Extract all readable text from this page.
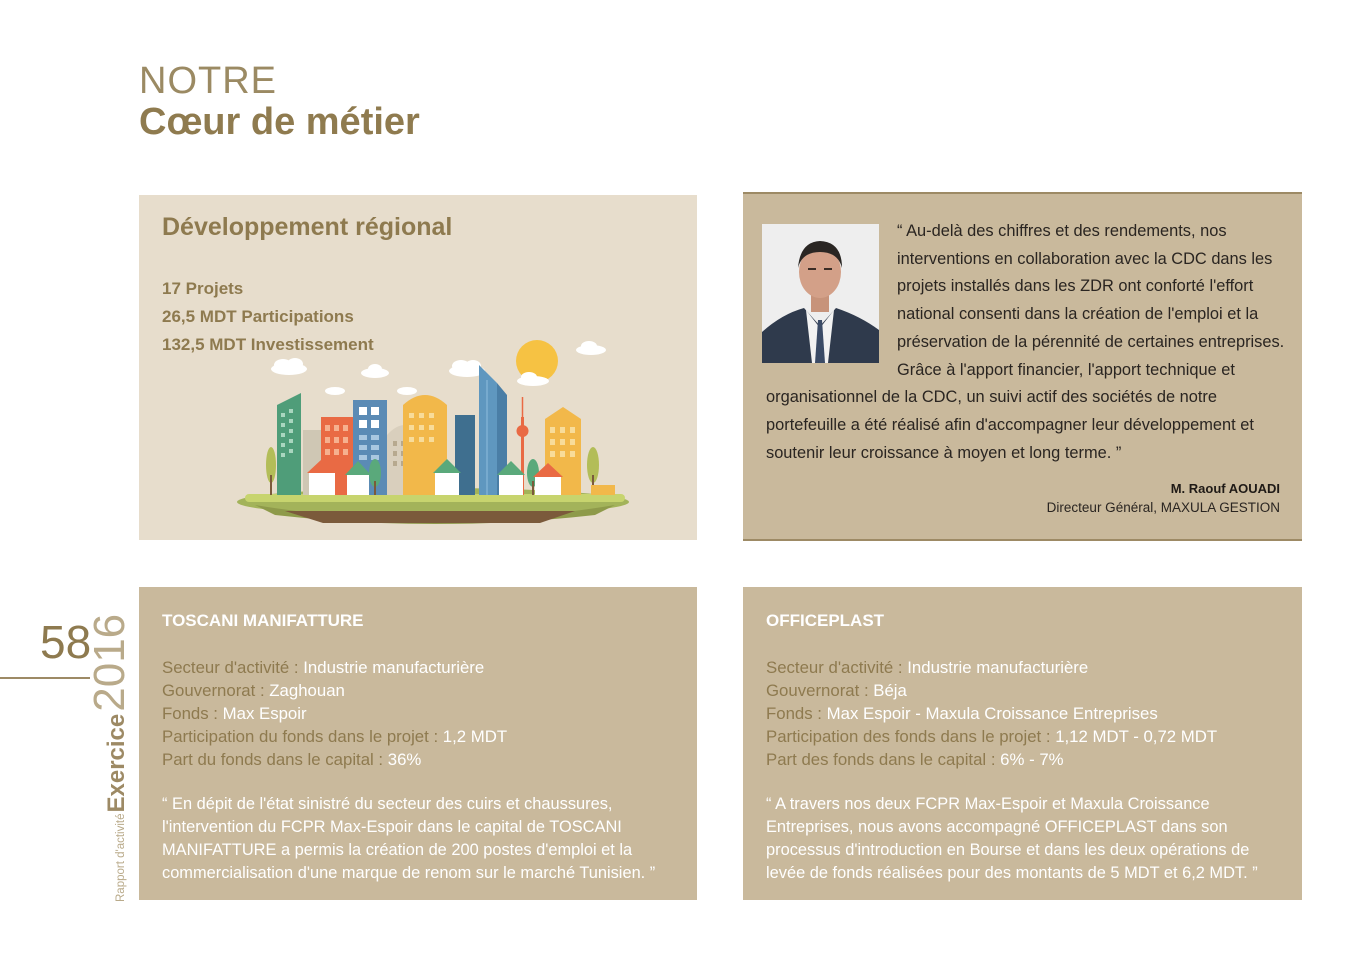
NOTRE
Cœur de métier
Développement régional
17 Projets
26,5 MDT Participations
132,5 MDT Investissement
“ Au-delà des chiffres et des rendements, nos interventions en collaboration avec la CDC dans les projets installés dans les ZDR ont conforté l'effort national consenti dans la création de l'emploi et la préservation de la pérennité de certaines entreprises. Grâce à l'apport financier, l'apport technique et organisationnel de la CDC, un suivi actif des sociétés de notre portefeuille a été réalisé afin d'accompagner leur développement et soutenir leur croissance à moyen et long terme. ”
M. Raouf AOUADI
Directeur Général, MAXULA GESTION
58
Rapport d'activité
Exercice
2016 TOSCANI MANIFATTURE
Secteur d'activité : Industrie manufacturière
Gouvernorat : Zaghouan
Fonds : Max Espoir
Participation du fonds dans le projet : 1,2 MDT
Part du fonds dans le capital : 36%
“ En dépit de l'état sinistré du secteur des cuirs et chaussures, l'intervention du FCPR Max-Espoir dans le capital de TOSCANI MANIFATTURE a permis la création de 200 postes d'emploi et la commercialisation d'une marque de renom sur le marché Tunisien. ”
OFFICEPLAST
Secteur d'activité : Industrie manufacturière
Gouvernorat : Béja
Fonds : Max Espoir - Maxula Croissance Entreprises
Participation des fonds dans le projet : 1,12 MDT - 0,72 MDT
Part des fonds dans le capital : 6% - 7%
“ A travers nos deux FCPR Max-Espoir et Maxula Croissance Entreprises, nous avons accompagné OFFICEPLAST dans son processus d'introduction en Bourse et dans les deux opérations de levée de fonds réalisées pour des montants de 5 MDT et 6,2 MDT. ”
